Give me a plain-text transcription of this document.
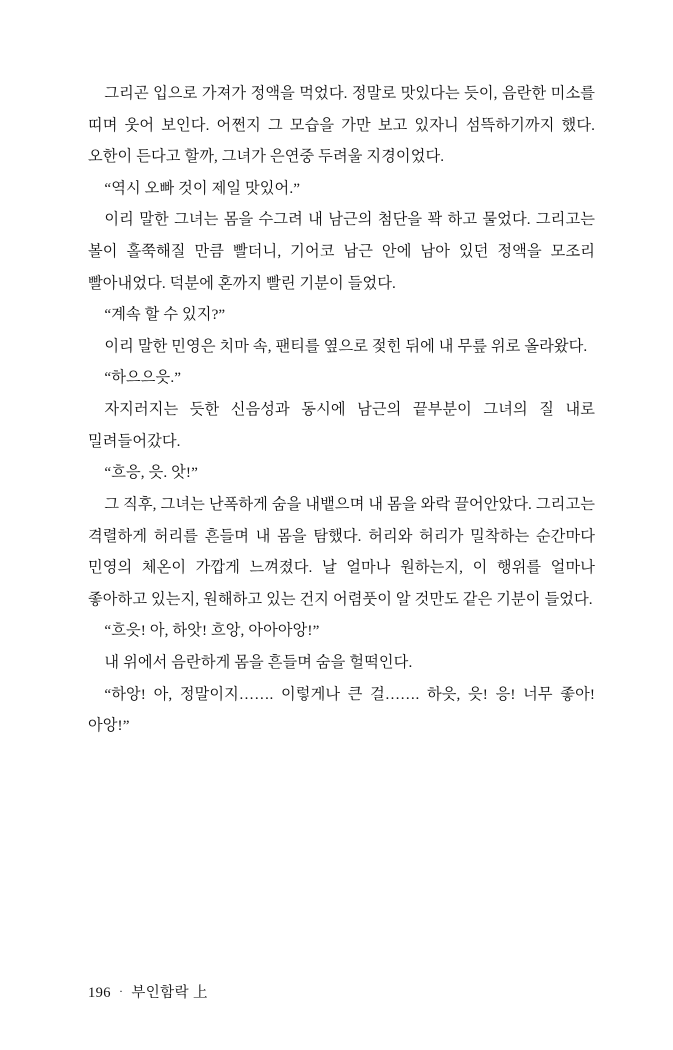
그리곤 입으로 가져가 정액을 먹었다. 정말로 맛있다는 듯이, 음란한 미소를 띠며 웃어 보인다. 어쩐지 그 모습을 가만 보고 있자니 섬뜩하기까지 했다. 오한이 든다고 할까, 그녀가 은연중 두려울 지경이었다.

“역시 오빠 것이 제일 맛있어.”

이리 말한 그녀는 몸을 수그려 내 남근의 첨단을 꽉 하고 물었다. 그리고는 볼이 홀쭉해질 만큼 빨더니, 기어코 남근 안에 남아 있던 정액을 모조리 빨아내었다. 덕분에 혼까지 빨린 기분이 들었다.

“계속 할 수 있지?”

이리 말한 민영은 치마 속, 팬티를 옆으로 젖힌 뒤에 내 무릎 위로 올라왔다.

“하으으읏.”

자지러지는 듯한 신음성과 동시에 남근의 끝부분이 그녀의 질 내로 밀려들어갔다.

“흐응, 읏. 앗!”

그 직후, 그녀는 난폭하게 숨을 내뱉으며 내 몸을 와락 끌어안았다. 그리고는 격렬하게 허리를 흔들며 내 몸을 탐했다. 허리와 허리가 밀착하는 순간마다 민영의 체온이 가깝게 느껴졌다. 날 얼마나 원하는지, 이 행위를 얼마나 좋아하고 있는지, 원해하고 있는 건지 어렴풋이 알 것만도 같은 기분이 들었다.

“흐읏! 아, 하앗! 흐앙, 아아아앙!”

내 위에서 음란하게 몸을 흔들며 숨을 헐떡인다.

“하앙! 아, 정말이지……. 이렇게나 큰 걸……. 하읏, 읏! 응! 너무 좋아! 아앙!”

196 · 부인함락 上
